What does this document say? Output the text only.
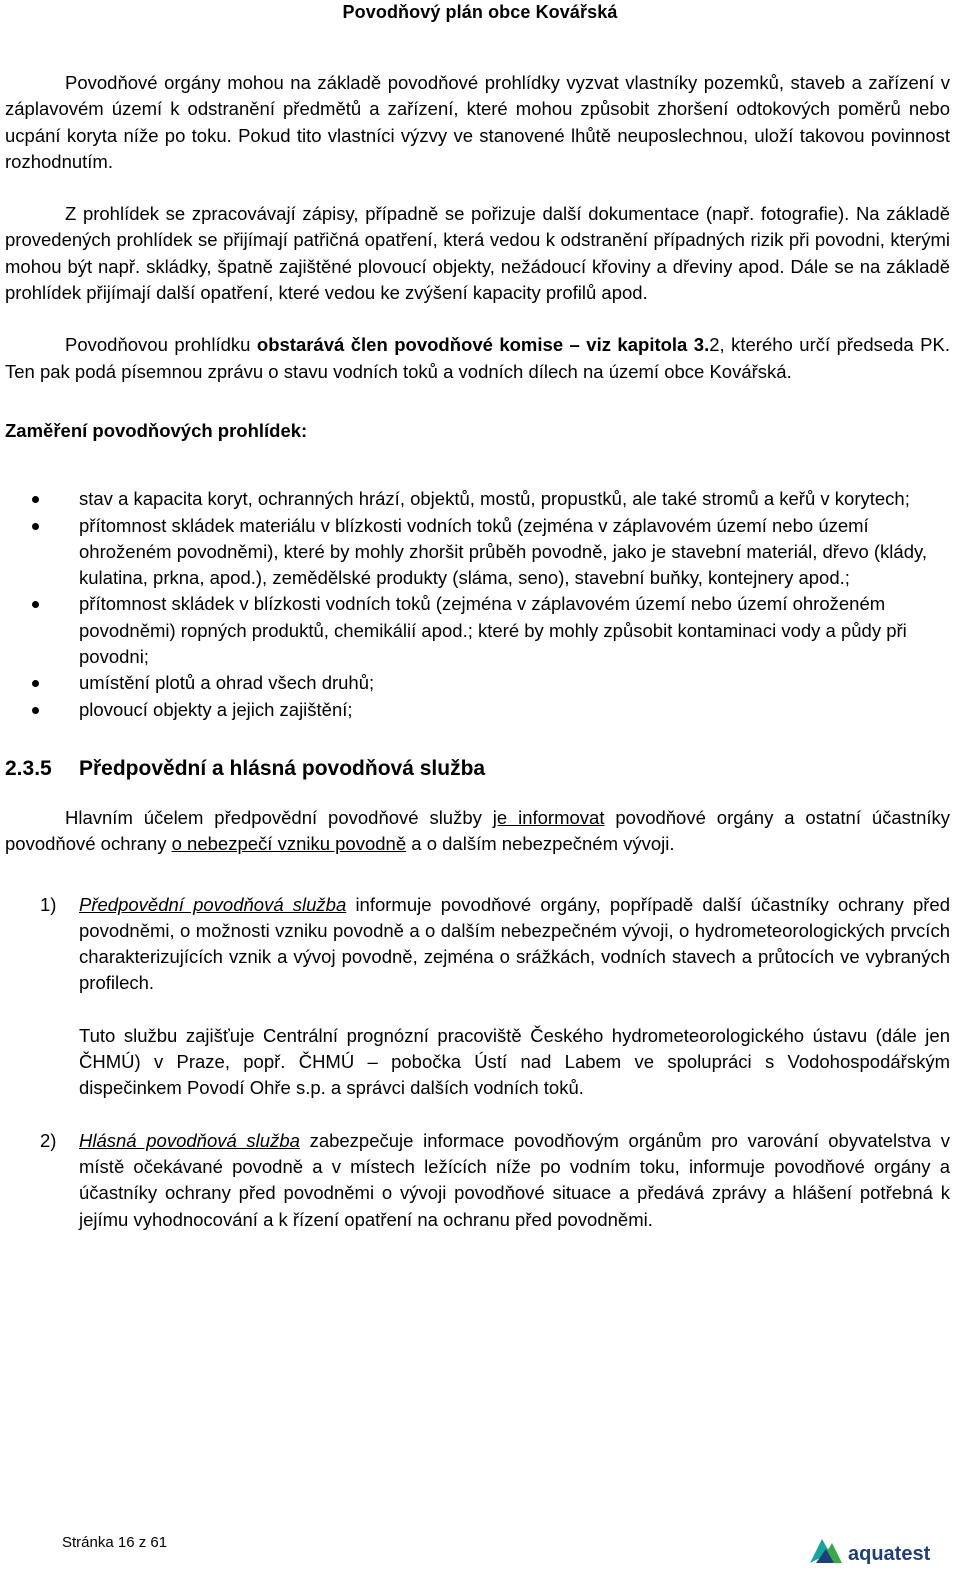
Povodňový plán obce Kovářská

Povodňové orgány mohou na základě povodňové prohlídky vyzvat vlastníky pozemků, staveb a zařízení v záplavovém území k odstranění předmětů a zařízení, které mohou způsobit zhoršení odtokových poměrů nebo ucpání koryta níže po toku. Pokud tito vlastníci výzvy ve stanovené lhůtě neuposlechnou, uloží takovou povinnost rozhodnutím.

Z prohlídek se zpracovávají zápisy, případně se pořizuje další dokumentace (např. fotografie). Na základě provedených prohlídek se přijímají patřičná opatření, která vedou k odstranění případných rizik při povodni, kterými mohou být např. skládky, špatně zajištěné plovoucí objekty, nežádoucí křoviny a dřeviny apod. Dále se na základě prohlídek přijímají další opatření, které vedou ke zvýšení kapacity profilů apod.

Povodňovou prohlídku obstarává člen povodňové komise – viz kapitola 3.2, kterého určí předseda PK. Ten pak podá písemnou zprávu o stavu vodních toků a vodních dílech na území obce Kovářská.

Zaměření povodňových prohlídek:

stav a kapacita koryt, ochranných hrází, objektů, mostů, propustků, ale také stromů a keřů v korytech;
přítomnost skládek materiálu v blízkosti vodních toků (zejména v záplavovém území nebo území ohroženém povodněmi), které by mohly zhoršit průběh povodně, jako je stavební materiál, dřevo (klády, kulatina, prkna, apod.), zemědělské produkty (sláma, seno), stavební buňky, kontejnery apod.;
přítomnost skládek v blízkosti vodních toků (zejména v záplavovém území nebo území ohroženém povodněmi) ropných produktů, chemikálií apod.; které by mohly způsobit kontaminaci vody a půdy při povodni;
umístění plotů a ohrad všech druhů;
plovoucí objekty a jejich zajištění;
2.3.5 Předpovědní a hlásná povodňová služba

Hlavním účelem předpovědní povodňové služby je informovat povodňové orgány a ostatní účastníky povodňové ochrany o nebezpečí vzniku povodně a o dalším nebezpečném vývoji.

1) Předpovědní povodňová služba informuje povodňové orgány, popřípadě další účastníky ochrany před povodněmi, o možnosti vzniku povodně a o dalším nebezpečném vývoji, o hydrometeorologických prvcích charakterizujících vznik a vývoj povodně, zejména o srážkách, vodních stavech a průtocích ve vybraných profilech.

Tuto službu zajišťuje Centrální prognózní pracoviště Českého hydrometeorologického ústavu (dále jen ČHMÚ) v Praze, popř. ČHMÚ – pobočka Ústí nad Labem ve spolupráci s Vodohospodářským dispečinkem Povodí Ohře s.p. a správci dalších vodních toků.

2) Hlásná povodňová služba zabezpečuje informace povodňovým orgánům pro varování obyvatelstva v místě očekávané povodně a v místech ležících níže po vodním toku, informuje povodňové orgány a účastníky ochrany před povodněmi o vývoji povodňové situace a předává zprávy a hlášení potřebná k jejímu vyhodnocování a k řízení opatření na ochranu před povodněmi.
Stránka 16 z 61
aquatest
